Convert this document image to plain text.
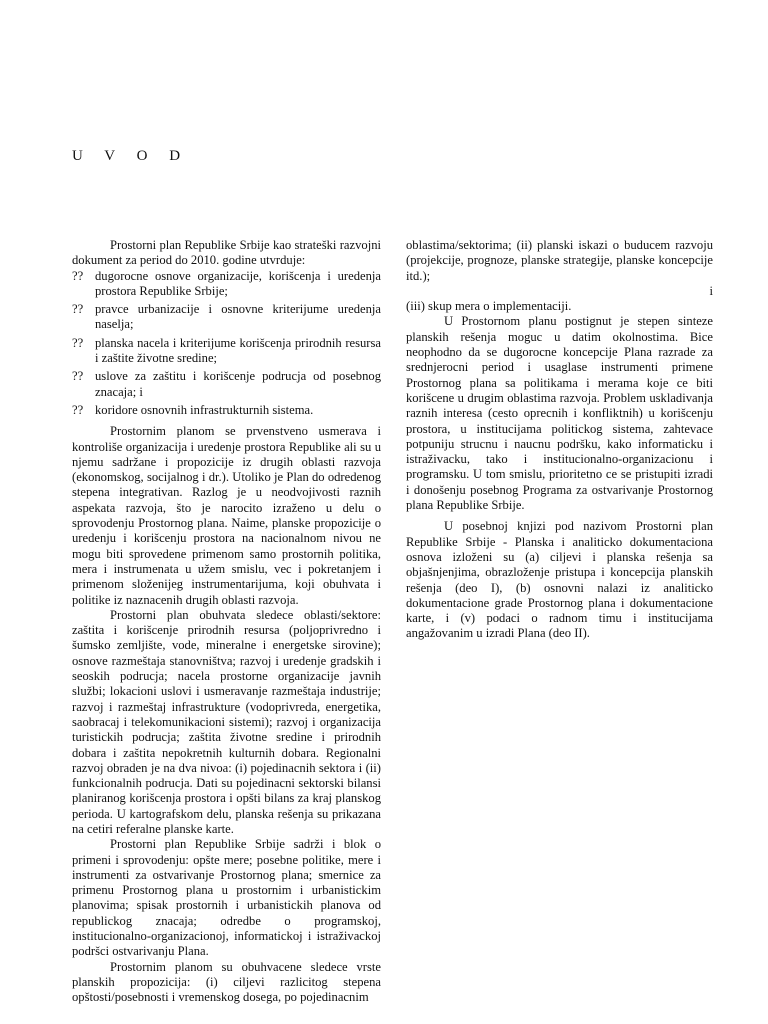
U V O D

Prostorni plan Republike Srbije kao strateški razvojni dokument za period do 2010. godine utvrduje:

?? dugorocne osnove organizacije, korišcenja i uredenja prostora Republike Srbije;
?? pravce urbanizacije i osnovne kriterijume uredenja naselja;
?? planska nacela i kriterijume korišcenja prirodnih resursa i zaštite životne sredine;
?? uslove za zaštitu i korišcenje podrucja od posebnog znacaja; i
?? koridore osnovnih infrastrukturnih sistema.

Prostornim planom se prvenstveno usmerava i kontroliše organizacija i uredenje prostora Republike ali su u njemu sadržane i propozicije iz drugih oblasti razvoja (ekonomskog, socijalnog i dr.). Utoliko je Plan do odredenog stepena integrativan. Razlog je u neodvojivosti raznih aspekata razvoja, što je narocito izraženo u delu o sprovodenju Prostornog plana. Naime, planske propozicije o uredenju i korišcenju prostora na nacionalnom nivou ne mogu biti sprovedene primenom samo prostornih politika, mera i instrumenata u užem smislu, vec i pokretanjem i primenom složenijeg instrumentarijuma, koji obuhvata i politike iz naznacenih drugih oblasti razvoja.

Prostorni plan obuhvata sledece oblasti/sektore: zaštita i korišcenje prirodnih resursa (poljoprivredno i šumsko zemljište, vode, mineralne i energetske sirovine); osnove razmeštaja stanovništva; razvoj i uredenje gradskih i seoskih podrucja; nacela prostorne organizacije javnih službi; lokacioni uslovi i usmeravanje razmeštaja industrije; razvoj i razmeštaj infrastrukture (vodoprivreda, energetika, saobracaj i telekomunikacioni sistemi); razvoj i organizacija turistickih podrucja; zaštita životne sredine i prirodnih dobara i zaštita nepokretnih kulturnih dobara. Regionalni razvoj obraden je na dva nivoa: (i) pojedinacnih sektora i (ii) funkcionalnih podrucja. Dati su pojedinacni sektorski bilansi planiranog korišcenja prostora i opšti bilans za kraj planskog perioda. U kartografskom delu, planska rešenja su prikazana na cetiri referalne planske karte.

Prostorni plan Republike Srbije sadrži i blok o primeni i sprovodenju: opšte mere; posebne politike, mere i instrumenti za ostvarivanje Prostornog plana; smernice za primenu Prostornog plana u prostornim i urbanistickim planovima; spisak prostornih i urbanistickih planova od republickog znacaja; odredbe o programskoj, institucionalno-organizacionoj, informatickoj i istraživackoj podršci ostvarivanju Plana.

Prostornim planom su obuhvacene sledece vrste planskih propozicija: (i) ciljevi razlicitog stepena opštosti/posebnosti i vremenskog dosega, po pojedinacnim

oblastima/sektorima; (ii) planski iskazi o buducem razvoju (projekcije, prognoze, planske strategije, planske koncepcije itd.);

i

(iii) skup mera o implementaciji.

U Prostornom planu postignut je stepen sinteze planskih rešenja moguc u datim okolnostima. Bice neophodno da se dugorocne koncepcije Plana razrade za srednjerocni period i usaglase instrumenti primene Prostornog plana sa politikama i merama koje ce biti korišcene u drugim oblastima razvoja. Problem uskladivanja raznih interesa (cesto oprecnih i konfliktnih) u korišcenju prostora, u institucijama politickog sistema, zahtevace potpuniju strucnu i naucnu podršku, kako informaticku i istraživacku, tako i institucionalno-organizacionu i programsku. U tom smislu, prioritetno ce se pristupiti izradi i donošenju posebnog Programa za ostvarivanje Prostornog plana Republike Srbije.

U posebnoj knjizi pod nazivom Prostorni plan Republike Srbije - Planska i analiticko dokumentaciona osnova izloženi su (a) ciljevi i planska rešenja sa objašnjenjima, obrazloženje pristupa i koncepcija planskih rešenja (deo I), (b) osnovni nalazi iz analiticko dokumentacione grade Prostornog plana i dokumentacione karte, i (v) podaci o radnom timu i institucijama angažovanim u izradi Plana (deo II).
